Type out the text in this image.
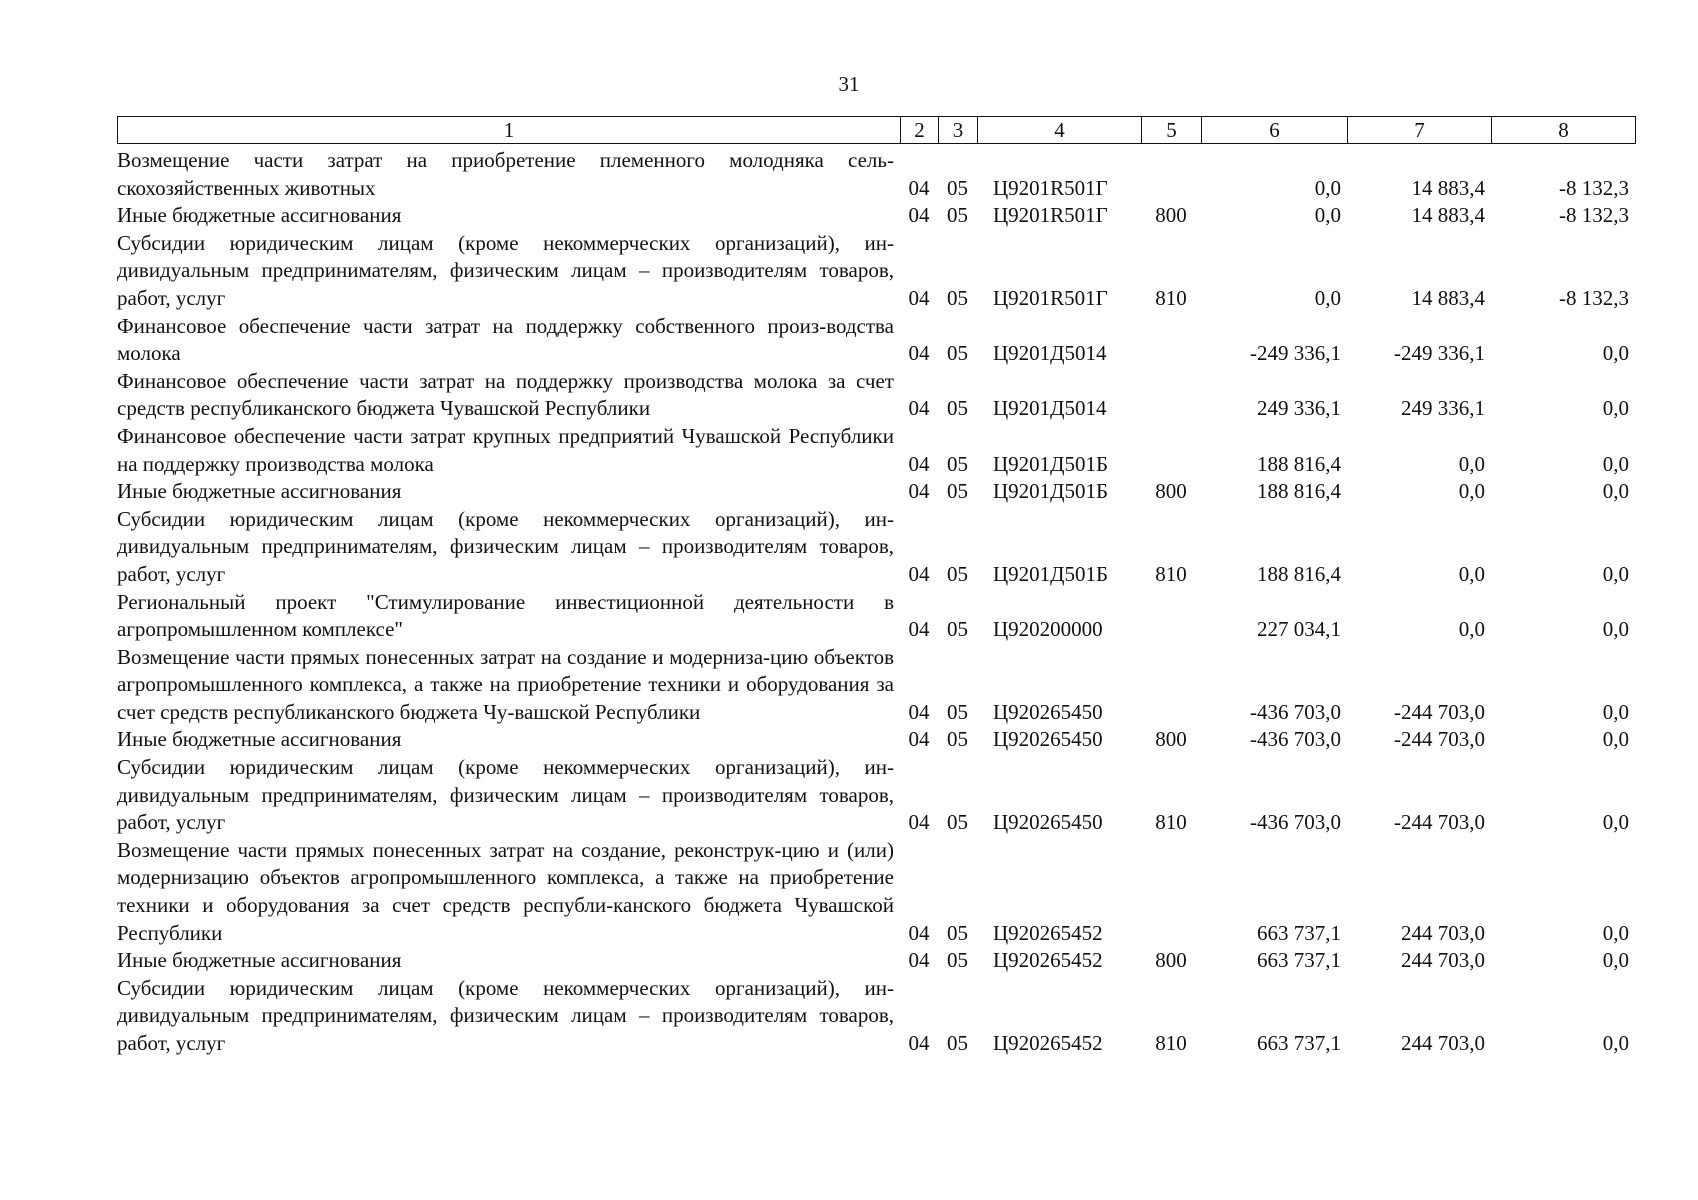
31
1	2	3	4	5	6	7	8
Возмещение части затрат на приобретение племенного молодняка сель-скохозяйственных животных	04	05	Ц9201R501Г		0,0	14 883,4	-8 132,3
Иные бюджетные ассигнования	04	05	Ц9201R501Г	800	0,0	14 883,4	-8 132,3
Субсидии юридическим лицам (кроме некоммерческих организаций), ин-дивидуальным предпринимателям, физическим лицам – производителям товаров, работ, услуг	04	05	Ц9201R501Г	810	0,0	14 883,4	-8 132,3
Финансовое обеспечение части затрат на поддержку собственного произ-водства молока	04	05	Ц9201Д5014		-249 336,1	-249 336,1	0,0
Финансовое обеспечение части затрат на поддержку производства молока за счет средств республиканского бюджета Чувашской Республики	04	05	Ц9201Д5014		249 336,1	249 336,1	0,0
Финансовое обеспечение части затрат крупных предприятий Чувашской Республики на поддержку производства молока	04	05	Ц9201Д501Б		188 816,4	0,0	0,0
Иные бюджетные ассигнования	04	05	Ц9201Д501Б	800	188 816,4	0,0	0,0
Субсидии юридическим лицам (кроме некоммерческих организаций), ин-дивидуальным предпринимателям, физическим лицам – производителям товаров, работ, услуг	04	05	Ц9201Д501Б	810	188 816,4	0,0	0,0
Региональный проект "Стимулирование инвестиционной деятельности в агропромышленном комплексе"	04	05	Ц920200000		227 034,1	0,0	0,0
Возмещение части прямых понесенных затрат на создание и модерниза-цию объектов агропромышленного комплекса, а также на приобретение техники и оборудования за счет средств республиканского бюджета Чу-вашской Республики	04	05	Ц920265450		-436 703,0	-244 703,0	0,0
Иные бюджетные ассигнования	04	05	Ц920265450	800	-436 703,0	-244 703,0	0,0
Субсидии юридическим лицам (кроме некоммерческих организаций), ин-дивидуальным предпринимателям, физическим лицам – производителям товаров, работ, услуг	04	05	Ц920265450	810	-436 703,0	-244 703,0	0,0
Возмещение части прямых понесенных затрат на создание, реконструк-цию и (или) модернизацию объектов агропромышленного комплекса, а также на приобретение техники и оборудования за счет средств республи-канского бюджета Чувашской Республики	04	05	Ц920265452		663 737,1	244 703,0	0,0
Иные бюджетные ассигнования	04	05	Ц920265452	800	663 737,1	244 703,0	0,0
Субсидии юридическим лицам (кроме некоммерческих организаций), ин-дивидуальным предпринимателям, физическим лицам – производителям товаров, работ, услуг	04	05	Ц920265452	810	663 737,1	244 703,0	0,0
